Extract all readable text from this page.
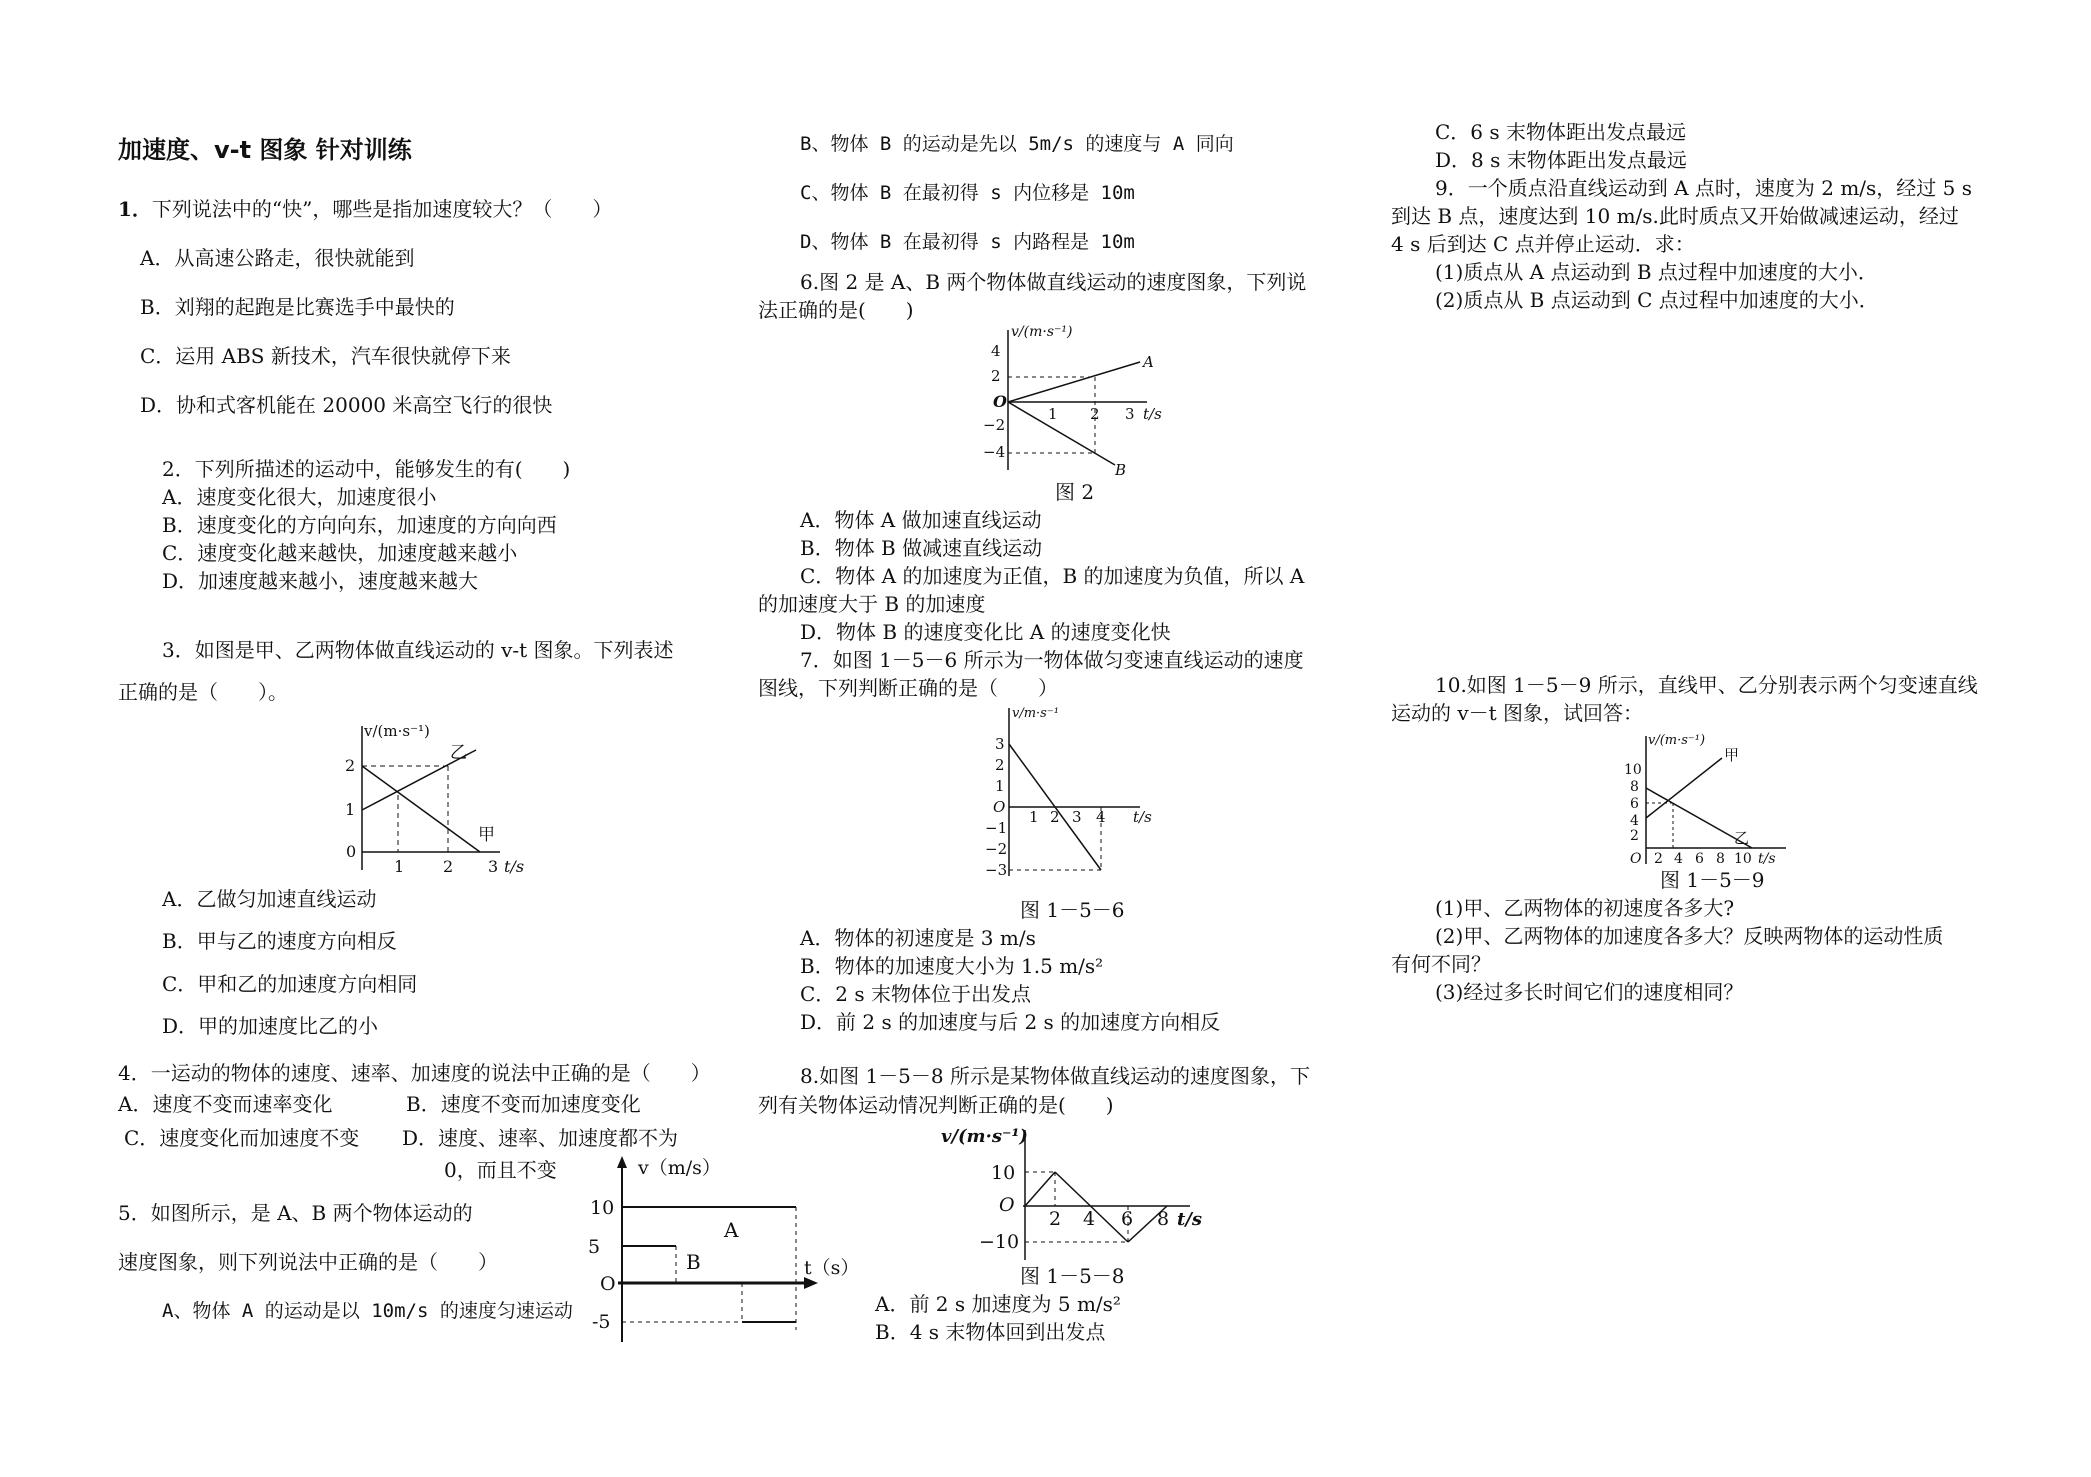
加速度、v-t 图象 针对训练
1．下列说法中的“快”，哪些是指加速度较大？（　　）
A．从高速公路走，很快就能到
B．刘翔的起跑是比赛选手中最快的
C．运用 ABS 新技术，汽车很快就停下来
D．协和式客机能在 20000 米高空飞行的很快
2．下列所描述的运动中，能够发生的有(　　)
A．速度变化很大，加速度很小
B．速度变化的方向向东，加速度的方向向西
C．速度变化越来越快，加速度越来越小
D．加速度越来越小，速度越来越大
3．如图是甲、乙两物体做直线运动的 v-t 图象。下列表述
正确的是（　　）。
v/(m·s⁻¹)
2
1
0
1 2 3 t/s
乙
甲
A．乙做匀加速直线运动
B．甲与乙的速度方向相反
C．甲和乙的加速度方向相同
D．甲的加速度比乙的小
4．一运动的物体的速度、速率、加速度的说法中正确的是（　　）
A．速度不变而速率变化	B．速度不变而加速度变化
C．速度变化而加速度不变 D．速度、速率、加速度都不为
0，而且不变
5．如图所示，是 A、B 两个物体运动的
速度图象，则下列说法中正确的是（　　）
A、物体 A 的运动是以 10m/s 的速度匀速运动
v（m/s）
10
5
O
-5
t（s）
A
B
B、物体 B 的运动是先以 5m/s 的速度与 A 同向
C、物体 B 在最初得 s 内位移是 10m
D、物体 B 在最初得 s 内路程是 10m
6.图 2 是 A、B 两个物体做直线运动的速度图象，下列说
法正确的是(　　)
v/(m·s⁻¹)
4
2
O
−2
−4
1 2 3 t/s
A
B
图 2
A．物体 A 做加速直线运动
B．物体 B 做减速直线运动
C．物体 A 的加速度为正值，B 的加速度为负值，所以 A
的加速度大于 B 的加速度
D．物体 B 的速度变化比 A 的速度变化快
7．如图 1－5－6 所示为一物体做匀变速直线运动的速度
图线，下列判断正确的是（　　）
v/m·s⁻¹
3
2
1
O
−1
−2
−3
1 2 3 4 t/s
图 1－5－6
A．物体的初速度是 3 m/s
B．物体的加速度大小为 1.5 m/s²
C．2 s 末物体位于出发点
D．前 2 s 的加速度与后 2 s 的加速度方向相反
8.如图 1－5－8 所示是某物体做直线运动的速度图象，下
列有关物体运动情况判断正确的是(　　)
v/(m·s⁻¹)
10
O
−10
2 4 6 8 t/s
图 1－5－8
A．前 2 s 加速度为 5 m/s²
B．4 s 末物体回到出发点
C．6 s 末物体距出发点最远
D．8 s 末物体距出发点最远
9．一个质点沿直线运动到 A 点时，速度为 2 m/s，经过 5 s
到达 B 点，速度达到 10 m/s.此时质点又开始做减速运动，经过
4 s 后到达 C 点并停止运动．求：
(1)质点从 A 点运动到 B 点过程中加速度的大小．
(2)质点从 B 点运动到 C 点过程中加速度的大小．
10.如图 1－5－9 所示，直线甲、乙分别表示两个匀变速直线
运动的 v－t 图象，试回答：
v/(m·s⁻¹)
10
8
6
4
2
O 2 4 6 8 10 t/s
甲
乙
图 1－5－9
(1)甲、乙两物体的初速度各多大?
(2)甲、乙两物体的加速度各多大？反映两物体的运动性质
有何不同？
(3)经过多长时间它们的速度相同？
